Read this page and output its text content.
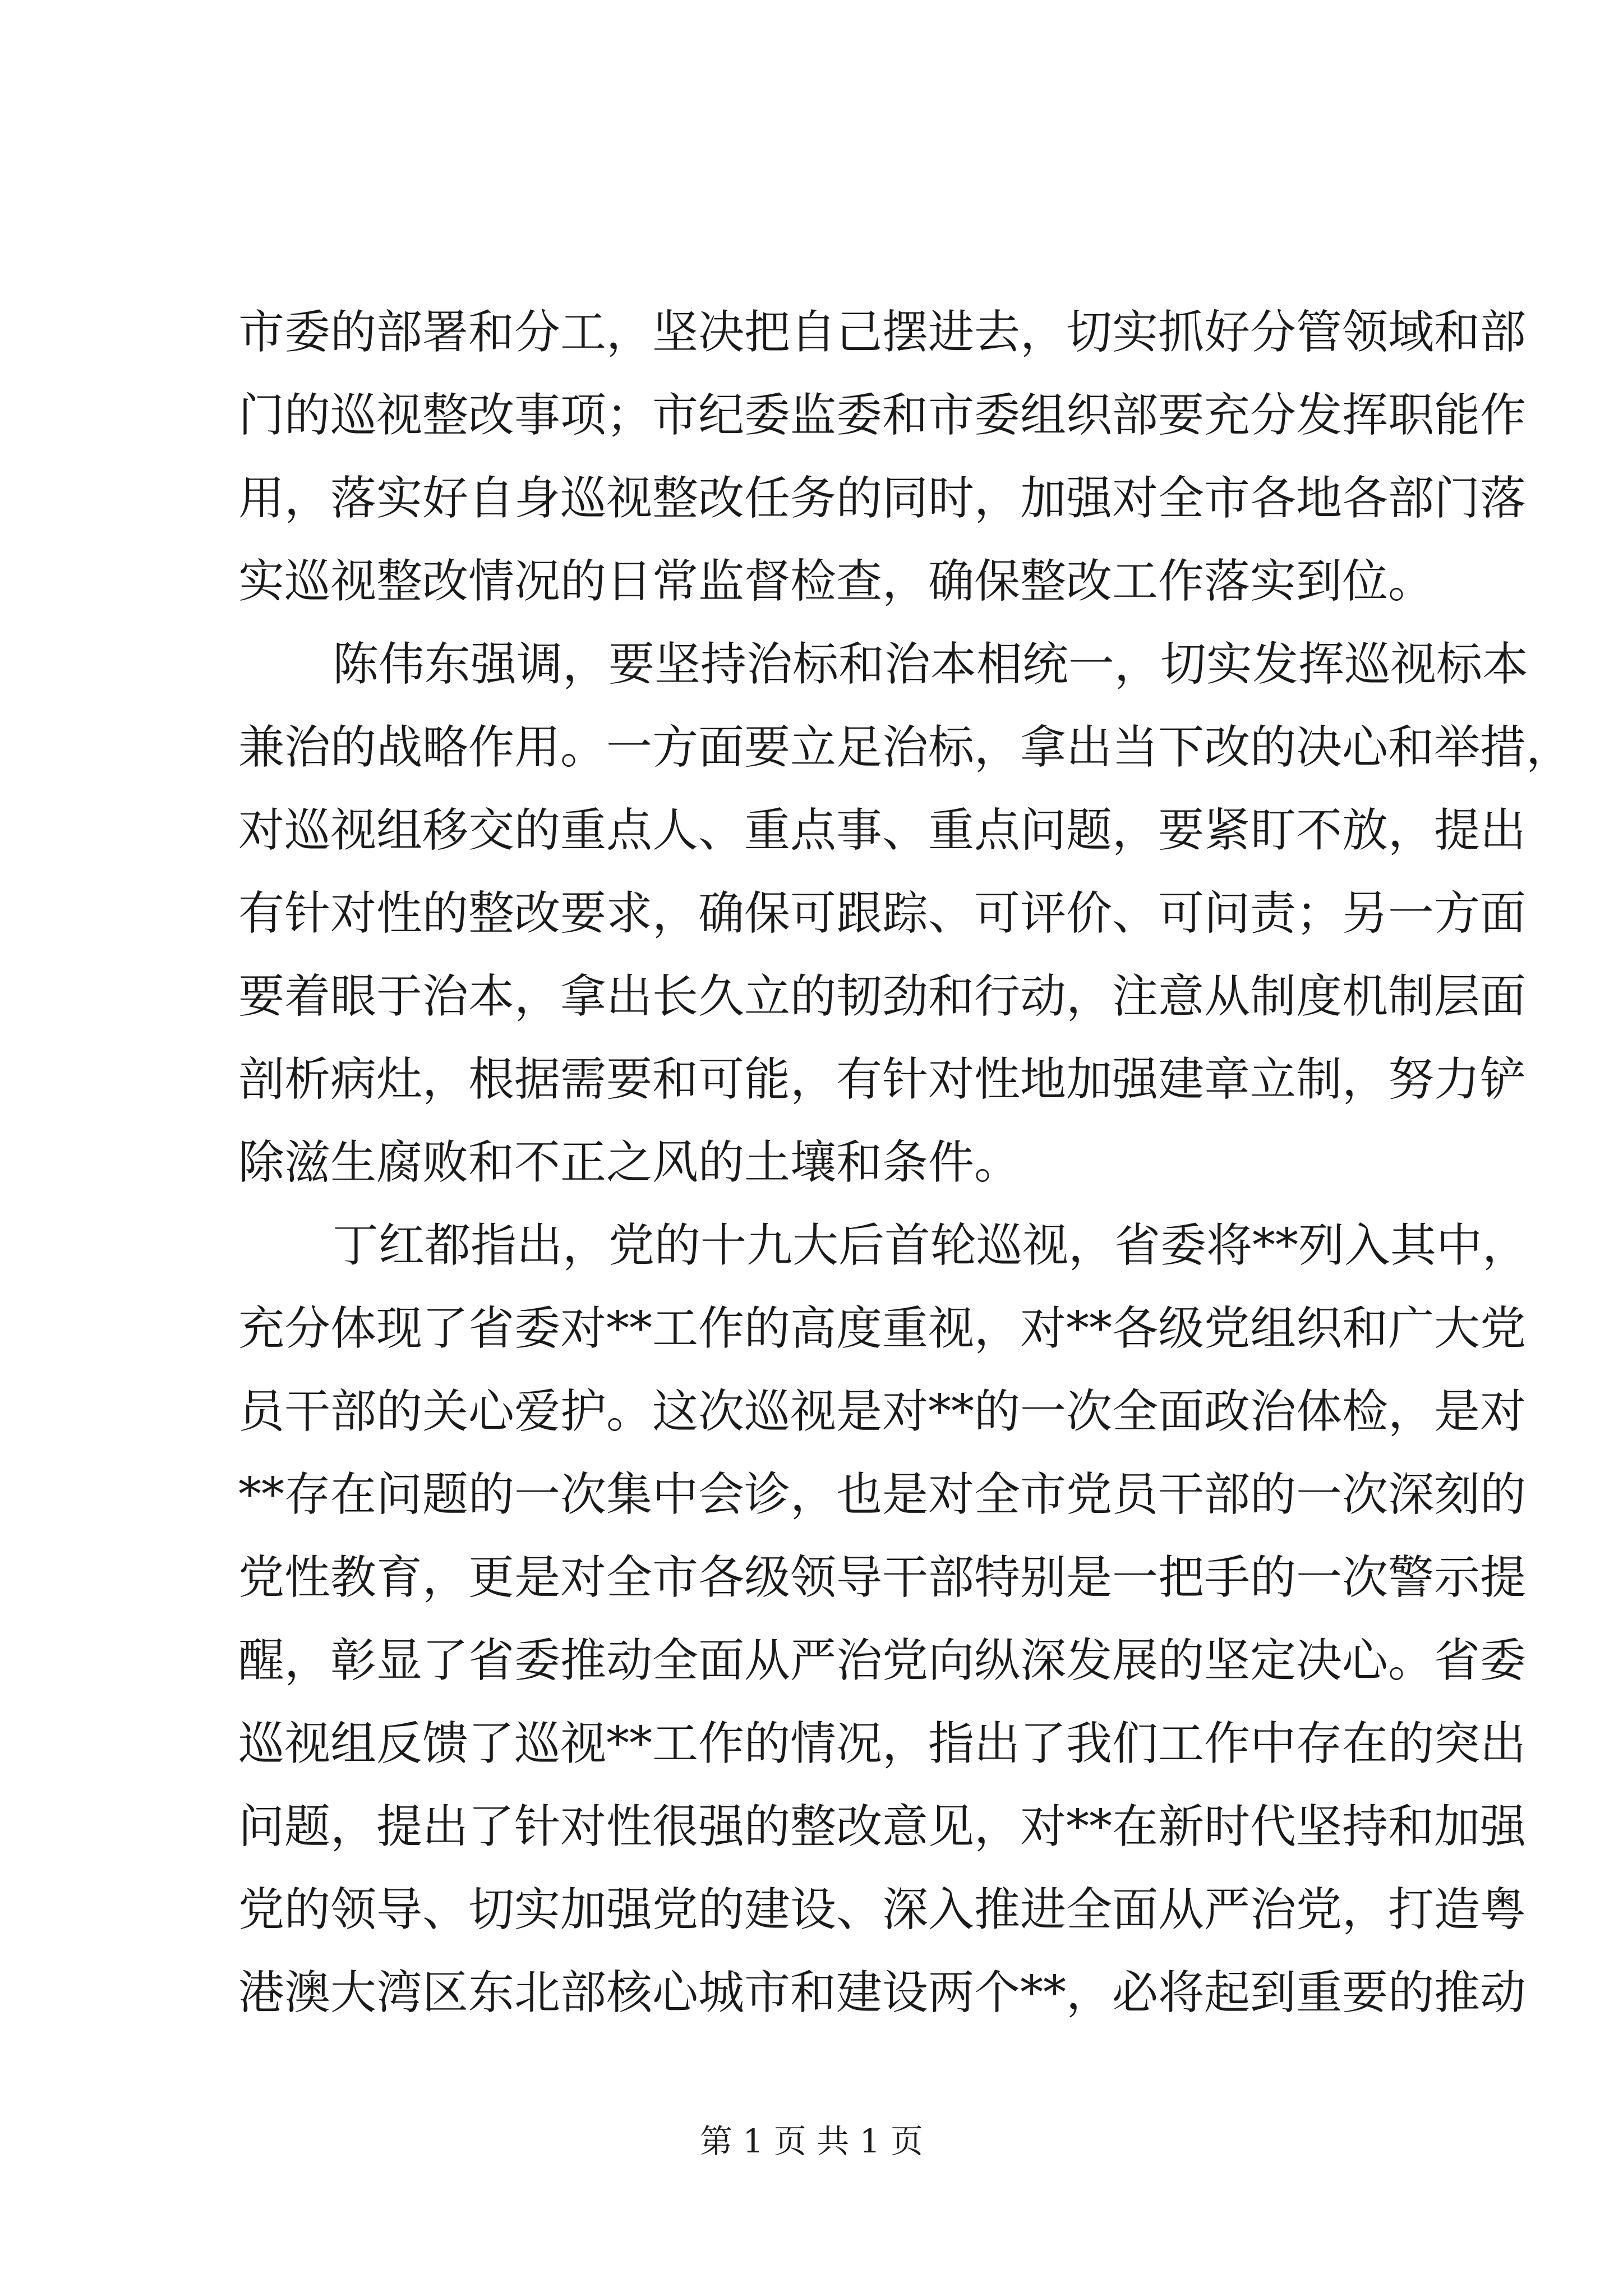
市委的部署和分工，坚决把自己摆进去，切实抓好分管领域和部
门的巡视整改事项；市纪委监委和市委组织部要充分发挥职能作
用，落实好自身巡视整改任务的同时，加强对全市各地各部门落
实巡视整改情况的日常监督检查，确保整改工作落实到位。
陈伟东强调，要坚持治标和治本相统一，切实发挥巡视标本
兼治的战略作用。一方面要立足治标，拿出当下改的决心和举措，
对巡视组移交的重点人、重点事、重点问题，要紧盯不放，提出
有针对性的整改要求，确保可跟踪、可评价、可问责；另一方面
要着眼于治本，拿出长久立的韧劲和行动，注意从制度机制层面
剖析病灶，根据需要和可能，有针对性地加强建章立制，努力铲
除滋生腐败和不正之风的土壤和条件。
丁红都指出，党的十九大后首轮巡视，省委将**列入其中，
充分体现了省委对**工作的高度重视，对**各级党组织和广大党
员干部的关心爱护。这次巡视是对**的一次全面政治体检，是对
**存在问题的一次集中会诊，也是对全市党员干部的一次深刻的
党性教育，更是对全市各级领导干部特别是一把手的一次警示提
醒，彰显了省委推动全面从严治党向纵深发展的坚定决心。省委
巡视组反馈了巡视**工作的情况，指出了我们工作中存在的突出
问题，提出了针对性很强的整改意见，对**在新时代坚持和加强
党的领导、切实加强党的建设、深入推进全面从严治党，打造粤
港澳大湾区东北部核心城市和建设两个**，必将起到重要的推动
第 1 页 共 1 页
